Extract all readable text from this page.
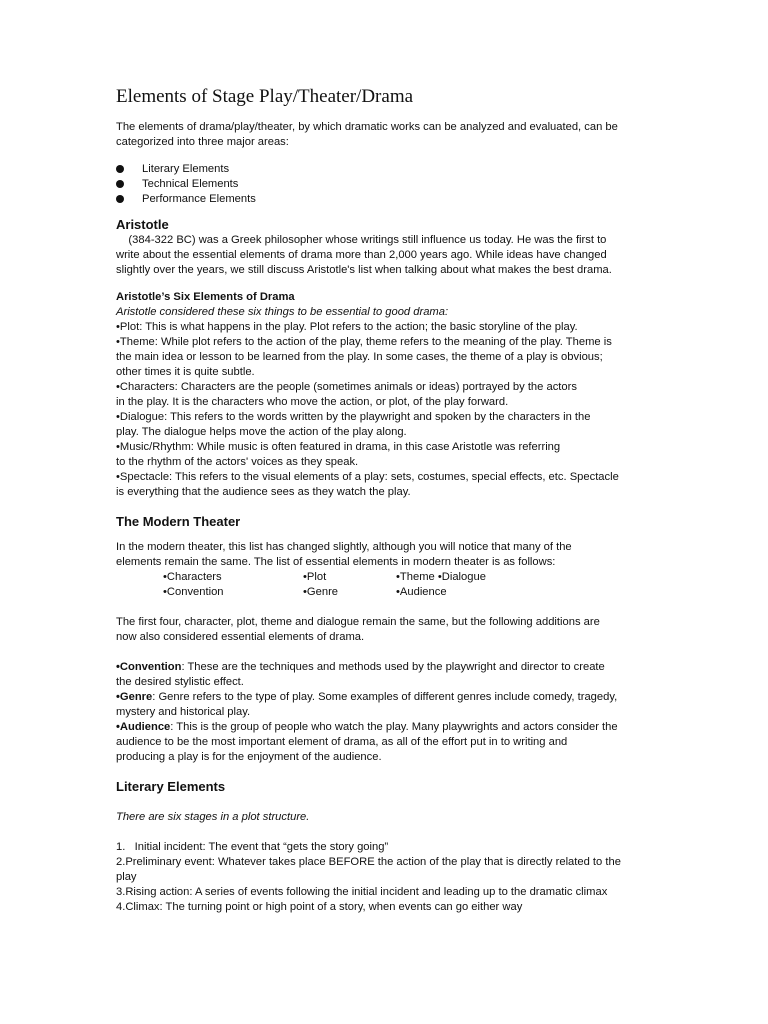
Elements of Stage Play/Theater/Drama

The elements of drama/play/theater, by which dramatic works can be analyzed and evaluated, can be
categorized into three major areas:

Literary Elements
Technical Elements
Performance Elements
Aristotle

(384-322 BC) was a Greek philosopher whose writings still influence us today. He was the first to
write about the essential elements of drama more than 2,000 years ago. While ideas have changed
slightly over the years, we still discuss Aristotle's list when talking about what makes the best drama.

Aristotle’s Six Elements of Drama

Aristotle considered these six things to be essential to good drama:
•Plot: This is what happens in the play. Plot refers to the action; the basic storyline of the play.
•Theme: While plot refers to the action of the play, theme refers to the meaning of the play. Theme is
the main idea or lesson to be learned from the play. In some cases, the theme of a play is obvious;
other times it is quite subtle.
•Characters: Characters are the people (sometimes animals or ideas) portrayed by the actors
in the play. It is the characters who move the action, or plot, of the play forward.
•Dialogue: This refers to the words written by the playwright and spoken by the characters in the
play. The dialogue helps move the action of the play along.
•Music/Rhythm: While music is often featured in drama, in this case Aristotle was referring
to the rhythm of the actors' voices as they speak.
•Spectacle: This refers to the visual elements of a play: sets, costumes, special effects, etc. Spectacle
is everything that the audience sees as they watch the play.

The Modern Theater

In the modern theater, this list has changed slightly, although you will notice that many of the
elements remain the same. The list of essential elements in modern theater is as follows:

•Characters	•Plot	•Theme •Dialogue
•Convention	•Genre	•Audience

The first four, character, plot, theme and dialogue remain the same, but the following additions are
now also considered essential elements of drama.

•Convention: These are the techniques and methods used by the playwright and director to create
the desired stylistic effect.
•Genre: Genre refers to the type of play. Some examples of different genres include comedy, tragedy,
mystery and historical play.
•Audience: This is the group of people who watch the play. Many playwrights and actors consider the
audience to be the most important element of drama, as all of the effort put in to writing and
producing a play is for the enjoyment of the audience.

Literary Elements

There are six stages in a plot structure.

1.   Initial incident: The event that “gets the story going”
2.Preliminary event: Whatever takes place BEFORE the action of the play that is directly related to the
play
3.Rising action: A series of events following the initial incident and leading up to the dramatic climax
4.Climax: The turning point or high point of a story, when events can go either way
